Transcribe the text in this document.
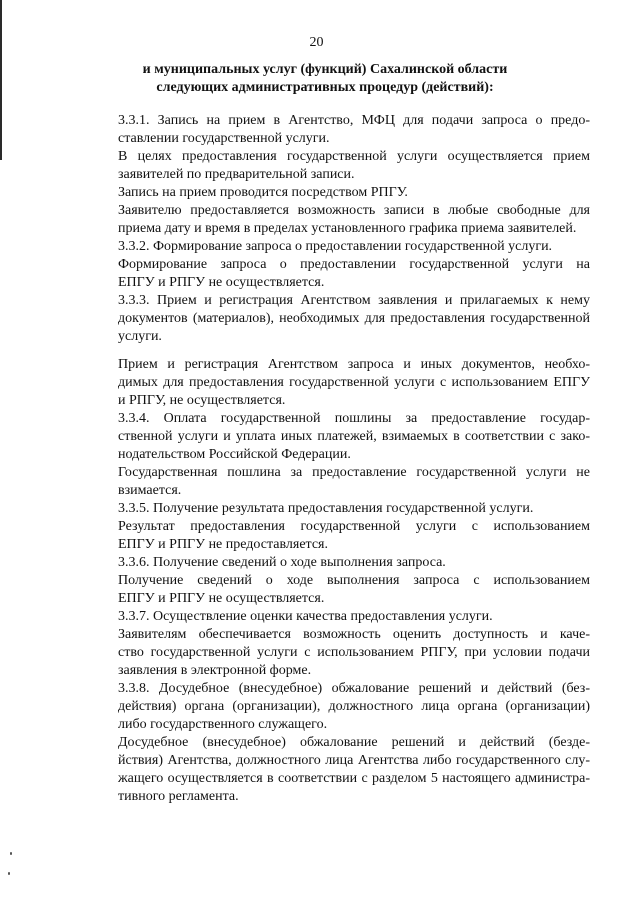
20
и муниципальных услуг (функций) Сахалинской области
следующих административных процедур (действий):

3.3.1. Запись на прием в Агентство, МФЦ для подачи запроса о предо-
ставлении государственной услуги.

В целях предоставления государственной услуги осуществляется прием
заявителей по предварительной записи.

Запись на прием проводится посредством РПГУ.

Заявителю предоставляется возможность записи в любые свободные для
приема дату и время в пределах установленного графика приема заявителей.

3.3.2. Формирование запроса о предоставлении государственной услуги.

Формирование запроса о предоставлении государственной услуги на
ЕПГУ и РПГУ не осуществляется.

3.3.3. Прием и регистрация Агентством заявления и прилагаемых к нему
документов (материалов), необходимых для предоставления государственной
услуги.

Прием и регистрация Агентством запроса и иных документов, необхо-
димых для предоставления государственной услуги с использованием ЕПГУ
и РПГУ, не осуществляется.

3.3.4. Оплата государственной пошлины за предоставление государ-
ственной услуги и уплата иных платежей, взимаемых в соответствии с зако-
нодательством Российской Федерации.

Государственная пошлина за предоставление государственной услуги не
взимается.

3.3.5. Получение результата предоставления государственной услуги.

Результат предоставления государственной услуги с использованием
ЕПГУ и РПГУ не предоставляется.

3.3.6. Получение сведений о ходе выполнения запроса.

Получение сведений о ходе выполнения запроса с использованием
ЕПГУ и РПГУ не осуществляется.

3.3.7. Осуществление оценки качества предоставления услуги.

Заявителям обеспечивается возможность оценить доступность и каче-
ство государственной услуги с использованием РПГУ, при условии подачи
заявления в электронной форме.

3.3.8. Досудебное (внесудебное) обжалование решений и действий (без-
действия) органа (организации), должностного лица органа (организации)
либо государственного служащего.

Досудебное (внесудебное) обжалование решений и действий (безде-
йствия) Агентства, должностного лица Агентства либо государственного слу-
жащего осуществляется в соответствии с разделом 5 настоящего администра-
тивного регламента.
